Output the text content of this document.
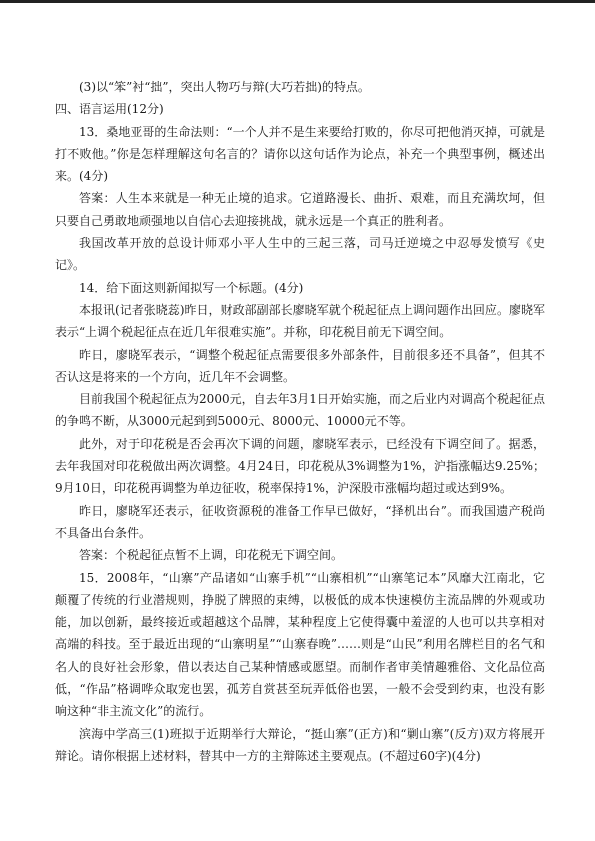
(3)以“笨”衬“拙”，突出人物巧与辩(大巧若拙)的特点。

四、语言运用(12分)

13．桑地亚哥的生命法则：“一个人并不是生来要给打败的，你尽可把他消灭掉，可就是打不败他。”你是怎样理解这句名言的？请你以这句话作为论点，补充一个典型事例，概述出来。(4分)

答案：人生本来就是一种无止境的追求。它道路漫长、曲折、艰难，而且充满坎坷，但只要自己勇敢地顽强地以自信心去迎接挑战，就永远是一个真正的胜利者。

我国改革开放的总设计师邓小平人生中的三起三落，司马迁逆境之中忍辱发愤写《史记》。

14．给下面这则新闻拟写一个标题。(4分)

本报讯(记者张晓蕊)昨日，财政部副部长廖晓军就个税起征点上调问题作出回应。廖晓军表示“上调个税起征点在近几年很难实施”。并称，印花税目前无下调空间。

昨日，廖晓军表示，“调整个税起征点需要很多外部条件，目前很多还不具备”，但其不否认这是将来的一个方向，近几年不会调整。

目前我国个税起征点为2000元，自去年3月1日开始实施，而之后业内对调高个税起征点的争鸣不断，从3000元起到到5000元、8000元、10000元不等。

此外，对于印花税是否会再次下调的问题，廖晓军表示，已经没有下调空间了。据悉，去年我国对印花税做出两次调整。4月24日，印花税从3%调整为1%，沪指涨幅达9.25%；9月10日，印花税再调整为单边征收，税率保持1%，沪深股市涨幅均超过或达到9%。

昨日，廖晓军还表示，征收资源税的准备工作早已做好，“择机出台”。而我国遗产税尚不具备出台条件。

答案：个税起征点暂不上调，印花税无下调空间。

15．2008年，“山寨”产品诸如“山寨手机”“山寨相机”“山寨笔记本”风靡大江南北，它颠覆了传统的行业潜规则，挣脱了牌照的束缚，以极低的成本快速模仿主流品牌的外观或功能，加以创新，最终接近或超越这个品牌，某种程度上它使得囊中羞涩的人也可以共享相对高端的科技。至于最近出现的“山寨明星”“山寨春晚”……则是“山民”利用名牌栏目的名气和名人的良好社会形象，借以表达自己某种情感或愿望。而制作者审美情趣雅俗、文化品位高低，“作品”格调哗众取宠也罢，孤芳自赏甚至玩弄低俗也罢，一般不会受到约束，也没有影响这种“非主流文化”的流行。

滨海中学高三(1)班拟于近期举行大辩论，“挺山寨”(正方)和“剿山寨”(反方)双方将展开辩论。请你根据上述材料，替其中一方的主辩陈述主要观点。(不超过60字)(4分)
